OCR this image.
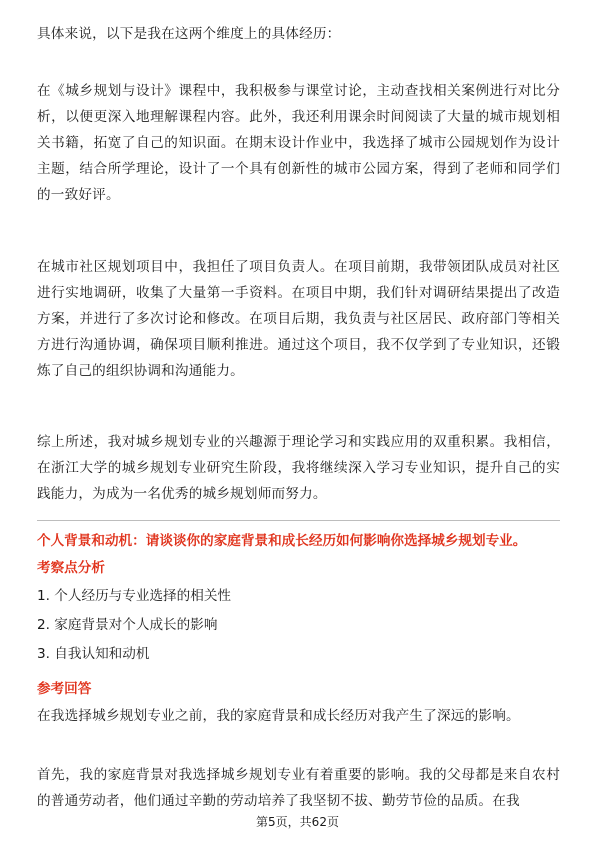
具体来说，以下是我在这两个维度上的具体经历：

在《城乡规划与设计》课程中，我积极参与课堂讨论，主动查找相关案例进行对比分析，以便更深入地理解课程内容。此外，我还利用课余时间阅读了大量的城市规划相关书籍，拓宽了自己的知识面。在期末设计作业中，我选择了城市公园规划作为设计主题，结合所学理论，设计了一个具有创新性的城市公园方案，得到了老师和同学们的一致好评。

在城市社区规划项目中，我担任了项目负责人。在项目前期，我带领团队成员对社区进行实地调研，收集了大量第一手资料。在项目中期，我们针对调研结果提出了改造方案，并进行了多次讨论和修改。在项目后期，我负责与社区居民、政府部门等相关方进行沟通协调，确保项目顺利推进。通过这个项目，我不仅学到了专业知识，还锻炼了自己的组织协调和沟通能力。

综上所述，我对城乡规划专业的兴趣源于理论学习和实践应用的双重积累。我相信，在浙江大学的城乡规划专业研究生阶段，我将继续深入学习专业知识，提升自己的实践能力，为成为一名优秀的城乡规划师而努力。

个人背景和动机：请谈谈你的家庭背景和成长经历如何影响你选择城乡规划专业。

考察点分析

1. 个人经历与专业选择的相关性

2. 家庭背景对个人成长的影响

3. 自我认知和动机

参考回答

在我选择城乡规划专业之前，我的家庭背景和成长经历对我产生了深远的影响。

首先，我的家庭背景对我选择城乡规划专业有着重要的影响。我的父母都是来自农村的普通劳动者，他们通过辛勤的劳动培养了我坚韧不拔、勤劳节俭的品质。在我

第5页，共62页
